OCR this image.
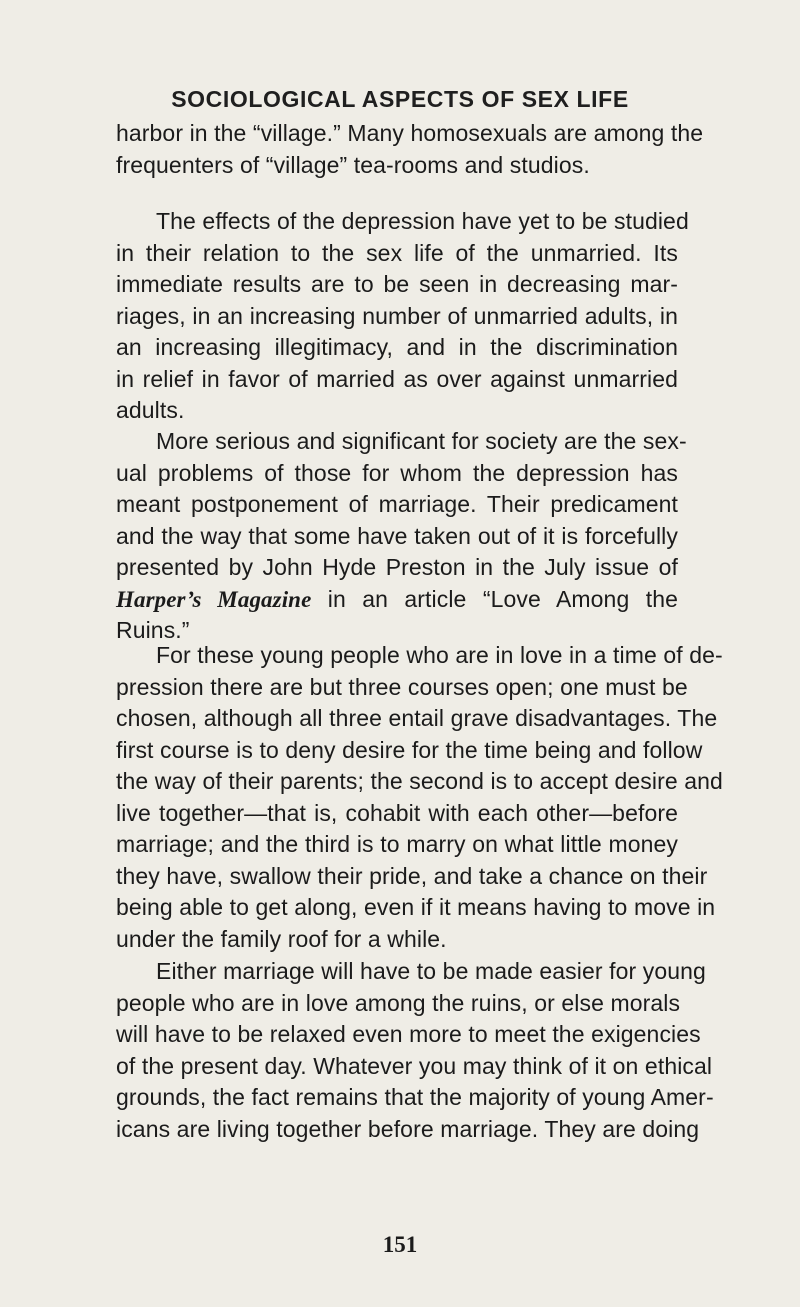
SOCIOLOGICAL ASPECTS OF SEX LIFE
harbor in the “village.” Many homosexuals are among the
frequenters of “village” tea-rooms and studios.
The effects of the depression have yet to be studied
in their relation to the sex life of the unmarried. Its
immediate results are to be seen in decreasing mar-
riages, in an increasing number of unmarried adults, in
an increasing illegitimacy, and in the discrimination
in relief in favor of married as over against unmarried
adults.
More serious and significant for society are the sex-
ual problems of those for whom the depression has
meant postponement of marriage. Their predicament
and the way that some have taken out of it is forcefully
presented by John Hyde Preston in the July issue of
Harper’s Magazine in an article “Love Among the
Ruins.”
For these young people who are in love in a time of de-
pression there are but three courses open; one must be
chosen, although all three entail grave disadvantages. The
first course is to deny desire for the time being and follow
the way of their parents; the second is to accept desire and
live together—that is, cohabit with each other—before
marriage; and the third is to marry on what little money
they have, swallow their pride, and take a chance on their
being able to get along, even if it means having to move in
under the family roof for a while.
Either marriage will have to be made easier for young
people who are in love among the ruins, or else morals
will have to be relaxed even more to meet the exigencies
of the present day. Whatever you may think of it on ethical
grounds, the fact remains that the majority of young Amer-
icans are living together before marriage. They are doing
151
